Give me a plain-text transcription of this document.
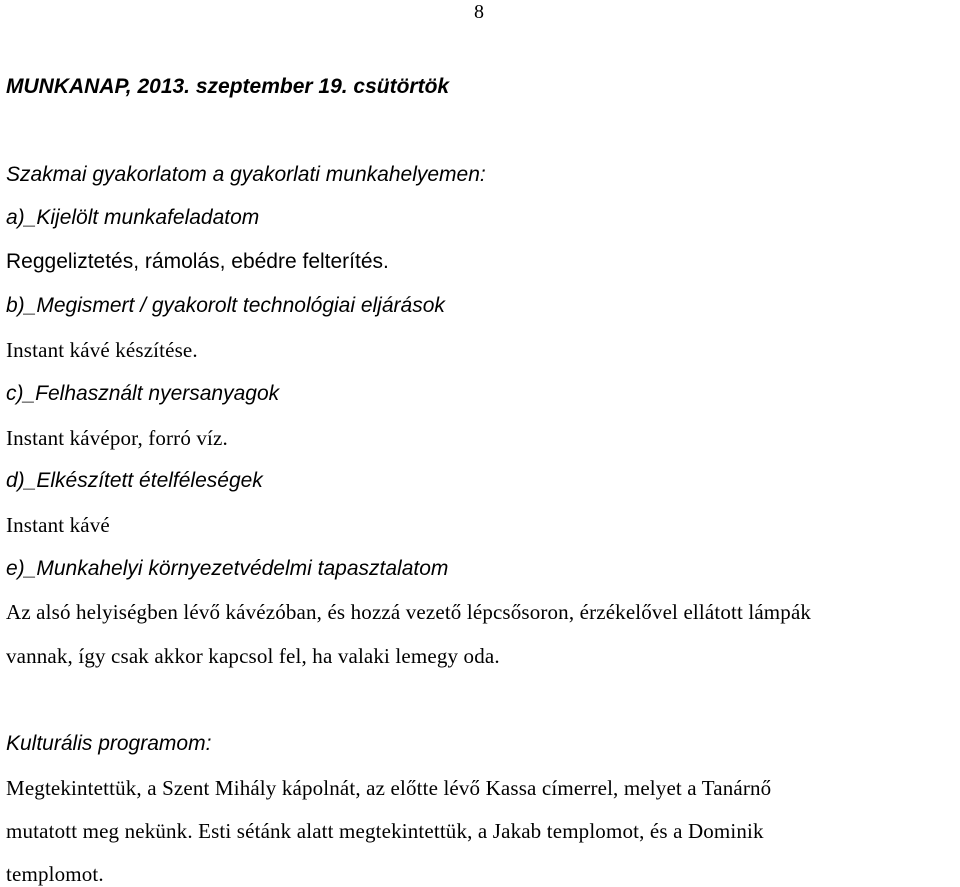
8
MUNKANAP, 2013. szeptember 19. csütörtök
Szakmai gyakorlatom a gyakorlati munkahelyemen:
a)_Kijelölt munkafeladatom
Reggeliztetés, rámolás, ebédre felterítés.
b)_Megismert / gyakorolt technológiai eljárások
Instant kávé készítése.
c)_Felhasznált nyersanyagok
Instant kávépor, forró víz.
d)_Elkészített ételféleségek
Instant kávé
e)_Munkahelyi környezetvédelmi tapasztalatom
Az alsó helyiségben lévő kávézóban, és hozzá vezető lépcsősoron, érzékelővel ellátott lámpák
vannak, így csak akkor kapcsol fel, ha valaki lemegy oda.
Kulturális programom:
Megtekintettük, a Szent Mihály kápolnát, az előtte lévő Kassa címerrel, melyet a Tanárnő
mutatott meg nekünk. Esti sétánk alatt megtekintettük, a Jakab templomot, és a Dominik
templomot.
